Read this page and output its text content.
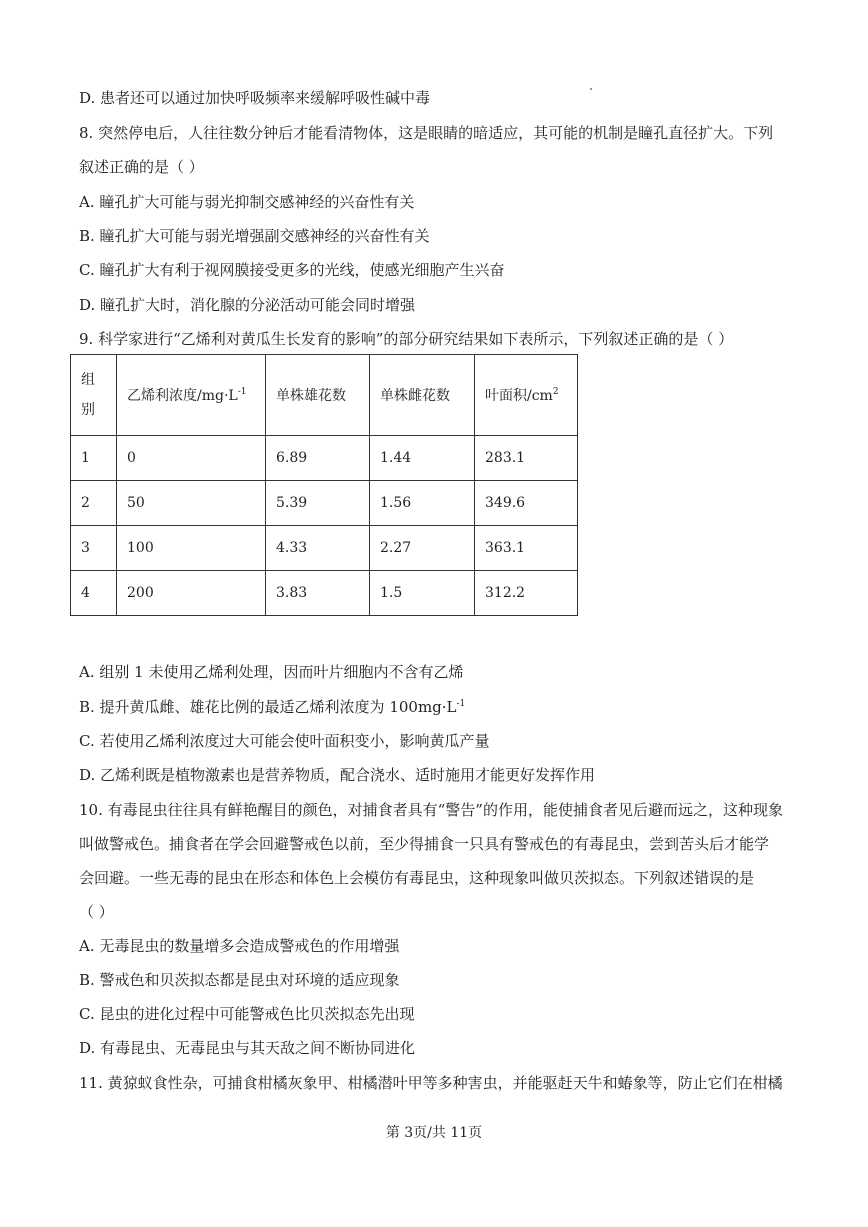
D. 患者还可以通过加快呼吸频率来缓解呼吸性碱中毒
8. 突然停电后，人往往数分钟后才能看清物体，这是眼睛的暗适应，其可能的机制是瞳孔直径扩大。下列
叙述正确的是（ ）
A. 瞳孔扩大可能与弱光抑制交感神经的兴奋性有关
B. 瞳孔扩大可能与弱光增强副交感神经的兴奋性有关
C. 瞳孔扩大有利于视网膜接受更多的光线，使感光细胞产生兴奋
D. 瞳孔扩大时，消化腺的分泌活动可能会同时增强
9. 科学家进行“乙烯利对黄瓜生长发育的影响”的部分研究结果如下表所示，下列叙述正确的是（ ）
组
别	乙烯利浓度$/mg\cdot L^{-1}$	单株雄花数	单株雌花数	叶面积$/cm^2$
1	0	6.89	1.44	283.1
2	50	5.39	1.56	349.6
3	100	4.33	2.27	363.1
4	200	3.83	1.5	312.2
A. 组别 1 未使用乙烯利处理，因而叶片细胞内不含有乙烯
B. 提升黄瓜雌、雄花比例的最适乙烯利浓度为 $100mg\cdot L^{-1}$
C. 若使用乙烯利浓度过大可能会使叶面积变小，影响黄瓜产量
D. 乙烯利既是植物激素也是营养物质，配合浇水、适时施用才能更好发挥作用
10. 有毒昆虫往往具有鲜艳醒目的颜色，对捕食者具有“警告”的作用，能使捕食者见后避而远之，这种现象
叫做警戒色。捕食者在学会回避警戒色以前，至少得捕食一只具有警戒色的有毒昆虫，尝到苦头后才能学
会回避。一些无毒的昆虫在形态和体色上会模仿有毒昆虫，这种现象叫做贝茨拟态。下列叙述错误的是
（ ）
A. 无毒昆虫的数量增多会造成警戒色的作用增强
B. 警戒色和贝茨拟态都是昆虫对环境的适应现象
C. 昆虫的进化过程中可能警戒色比贝茨拟态先出现
D. 有毒昆虫、无毒昆虫与其天敌之间不断协同进化
11. 黄猄蚁食性杂，可捕食柑橘灰象甲、柑橘潜叶甲等多种害虫，并能驱赶天牛和蝽象等，防止它们在柑橘
第 3页/共 11页
